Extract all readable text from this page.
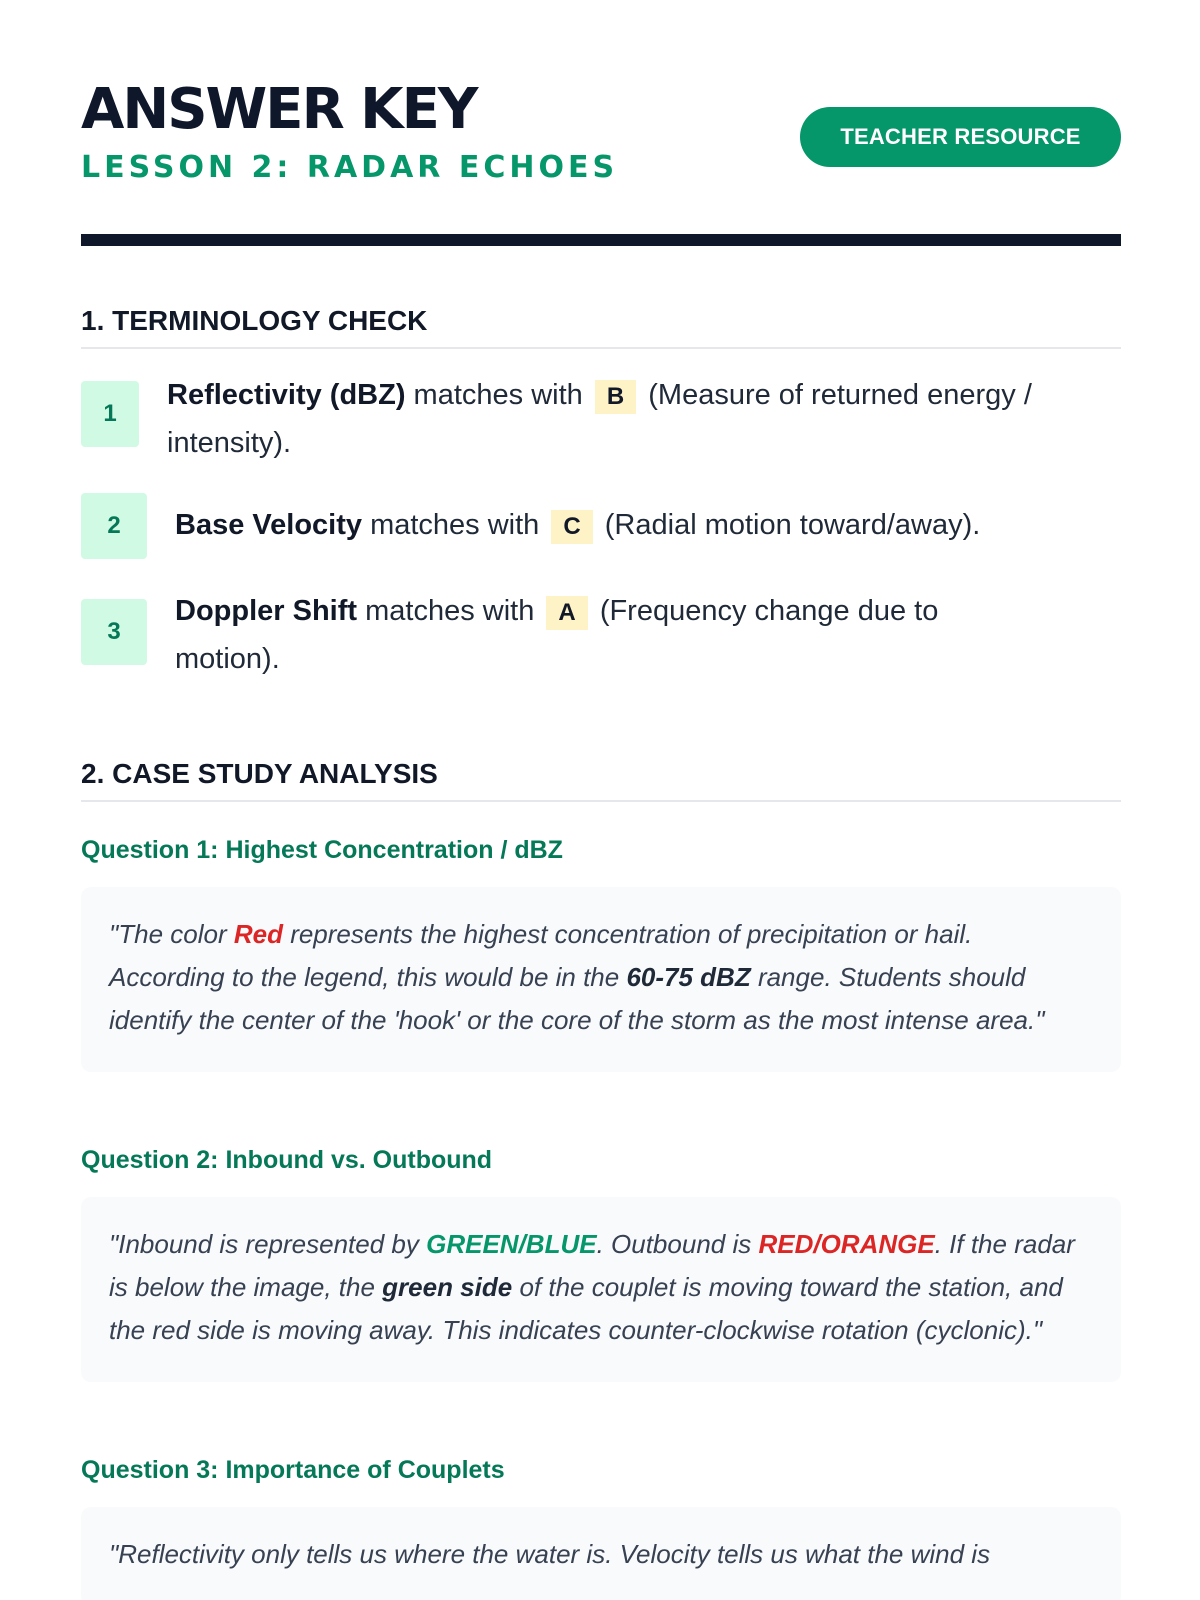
ANSWER KEY
LESSON 2: RADAR ECHOES
TEACHER RESOURCE
1. TERMINOLOGY CHECK
1
Reflectivity (dBZ) matches with B (Measure of returned energy / intensity).
2	Base Velocity matches with C (Radial motion toward/away).
3
Doppler Shift matches with A (Frequency change due to motion).
2. CASE STUDY ANALYSIS
Question 1: Highest Concentration / dBZ
"The color Red represents the highest concentration of precipitation or hail. According to the legend, this would be in the 60-75 dBZ range. Students should identify the center of the 'hook' or the core of the storm as the most intense area."
Question 2: Inbound vs. Outbound
"Inbound is represented by GREEN/BLUE. Outbound is RED/ORANGE. If the radar is below the image, the green side of the couplet is moving toward the station, and the red side is moving away. This indicates counter-clockwise rotation (cyclonic)."
Question 3: Importance of Couplets
"Reflectivity only tells us where the water is. Velocity tells us what the wind is
